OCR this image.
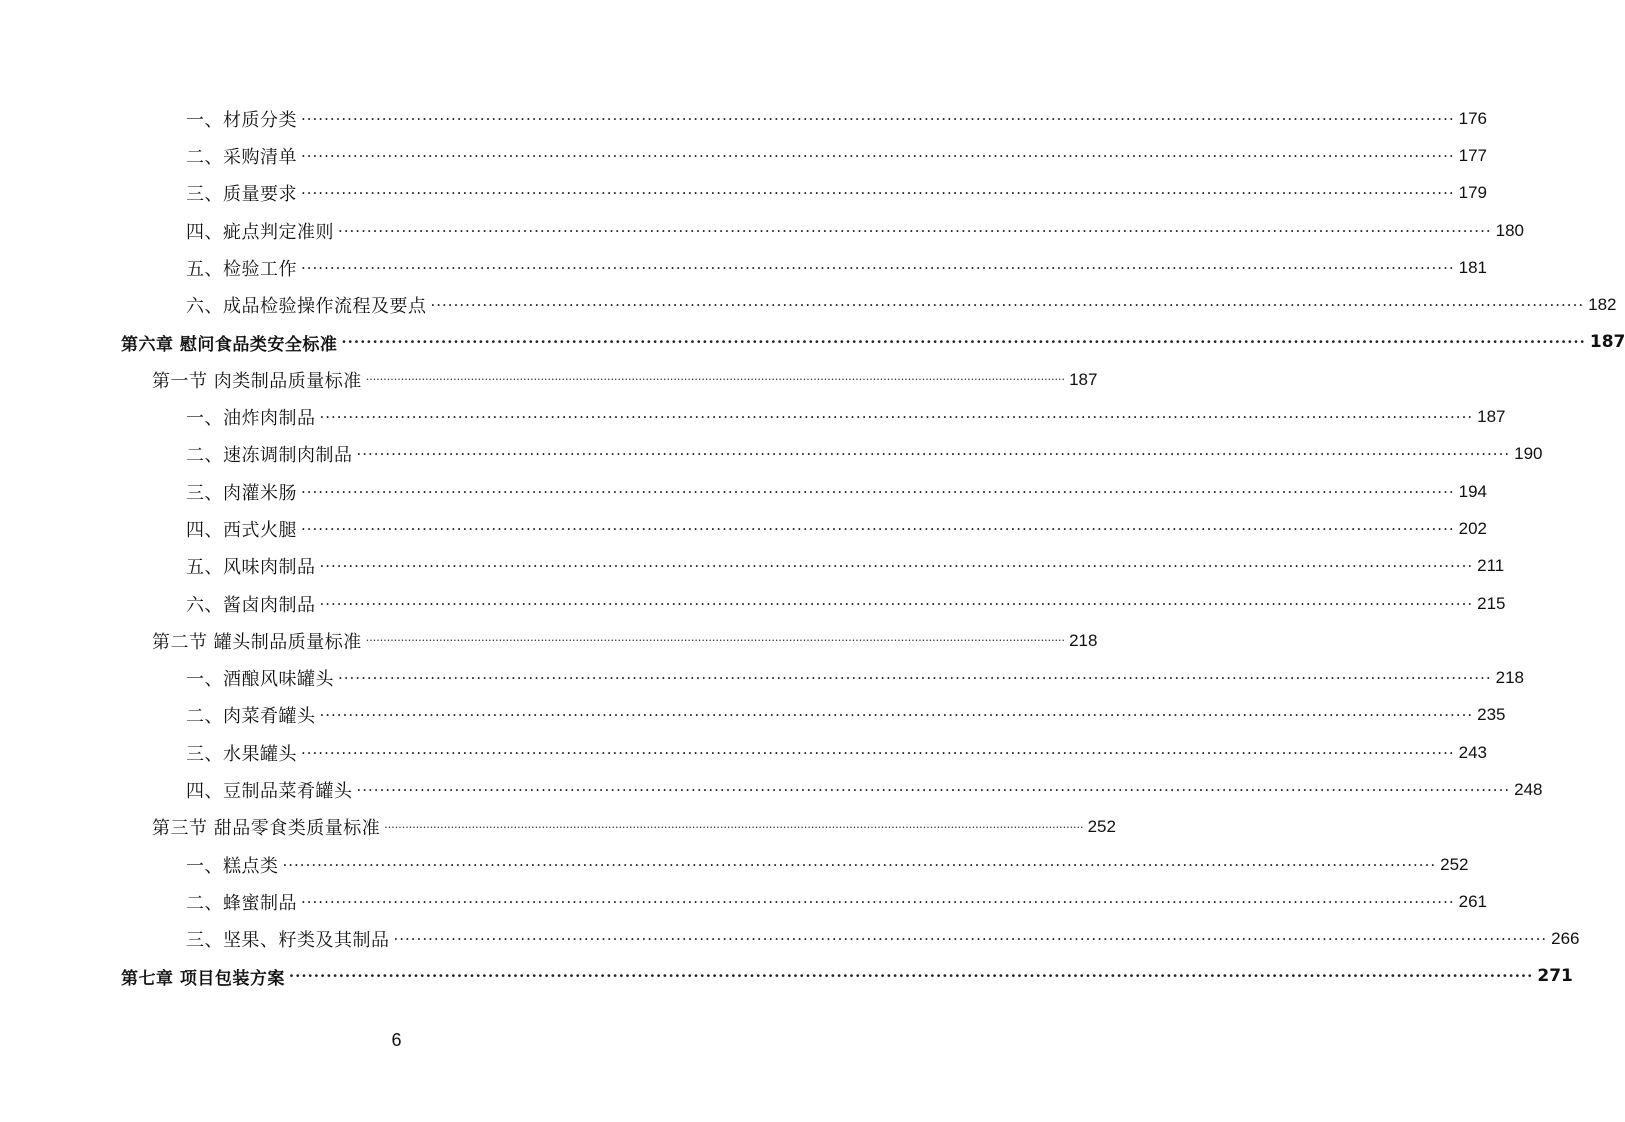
一、材质分类 ········································································································································································································ 176
二、采购清单 ········································································································································································································ 177
三、质量要求 ········································································································································································································ 179
四、疵点判定准则 ········································································································································································································ 180
五、检验工作 ········································································································································································································ 181
六、成品检验操作流程及要点 ········································································································································································································ 182
第六章 慰问食品类安全标准 ········································································································································································································ 187
第一节 肉类制品质量标准 ········································································································································································································ 187
一、油炸肉制品 ········································································································································································································ 187
二、速冻调制肉制品 ········································································································································································································ 190
三、肉灌米肠 ········································································································································································································ 194
四、西式火腿 ········································································································································································································ 202
五、风味肉制品 ········································································································································································································ 211
六、酱卤肉制品 ········································································································································································································ 215
第二节 罐头制品质量标准 ········································································································································································································ 218
一、酒酿风味罐头 ········································································································································································································ 218
二、肉菜肴罐头 ········································································································································································································ 235
三、水果罐头 ········································································································································································································ 243
四、豆制品菜肴罐头 ········································································································································································································ 248
第三节 甜品零食类质量标准 ········································································································································································································ 252
一、糕点类 ········································································································································································································ 252
二、蜂蜜制品 ········································································································································································································ 261
三、坚果、籽类及其制品 ········································································································································································································ 266
第七章 项目包装方案 ········································································································································································································ 271
6
